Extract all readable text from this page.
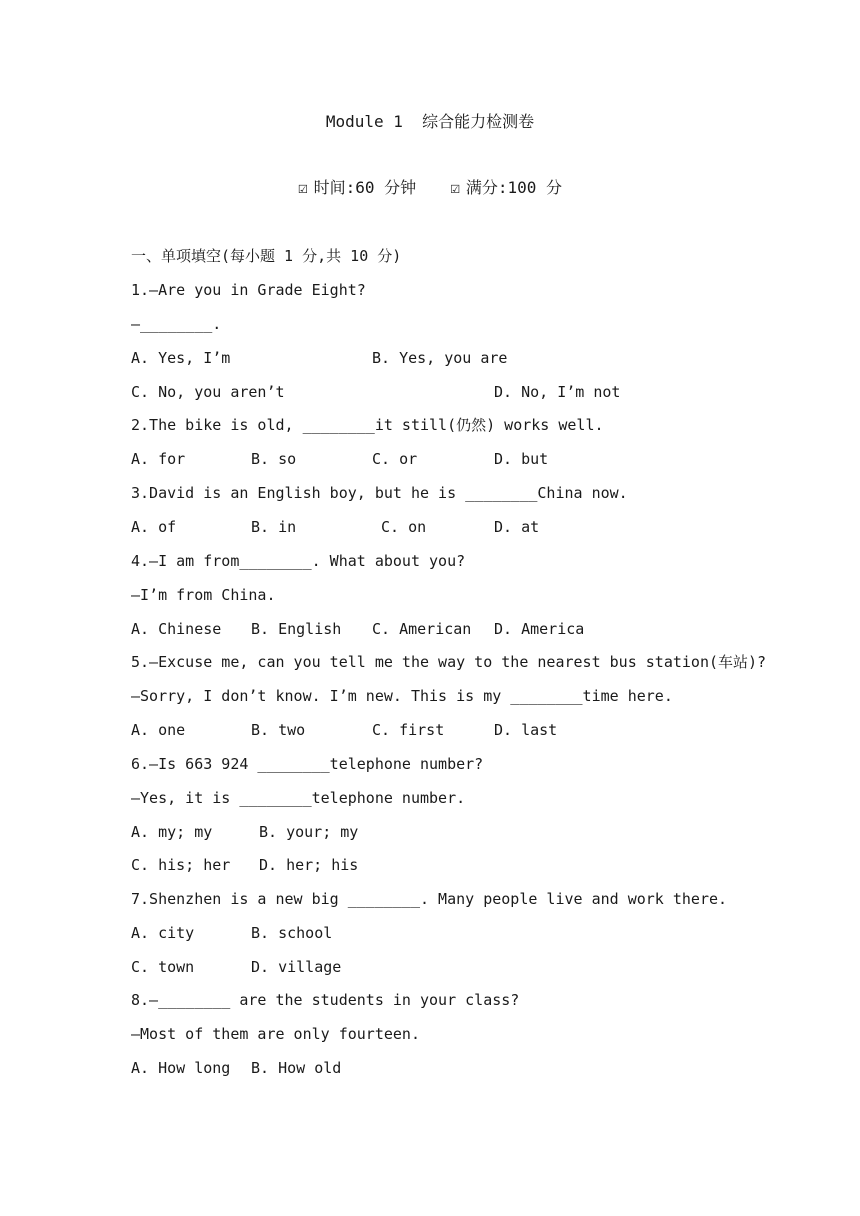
Module 1  综合能力检测卷
☑ 时间:60 分钟 ☑ 满分:100 分
一、单项填空(每小题 1 分,共 10 分)
1.—Are you in Grade Eight?
—________.
A. Yes, I’m	B. Yes, you are
C. No, you aren’t	D. No, I’m not
2.The bike is old, ________it still(仍然) works well.
A. for	B. so	C. or	D. but
3.David is an English boy, but he is ________China now.
A. of	B. in	C. on	D. at
4.—I am from________. What about you?
—I’m from China.
A. Chinese B. English C. American D. America
5.—Excuse me, can you tell me the way to the nearest bus station(车站)?
—Sorry, I don’t know. I’m new. This is my ________time here.
A. one	B. two	C. first	D. last
6.—Is 663 924 ________telephone number?
—Yes, it is ________telephone number.
A. my; my	B. your; my
C. his; her D. her; his
7.Shenzhen is a new big ________. Many people live and work there.
A. city	B. school
C. town	D. village
8.—________ are the students in your class?
—Most of them are only fourteen.
A. How long B. How old
